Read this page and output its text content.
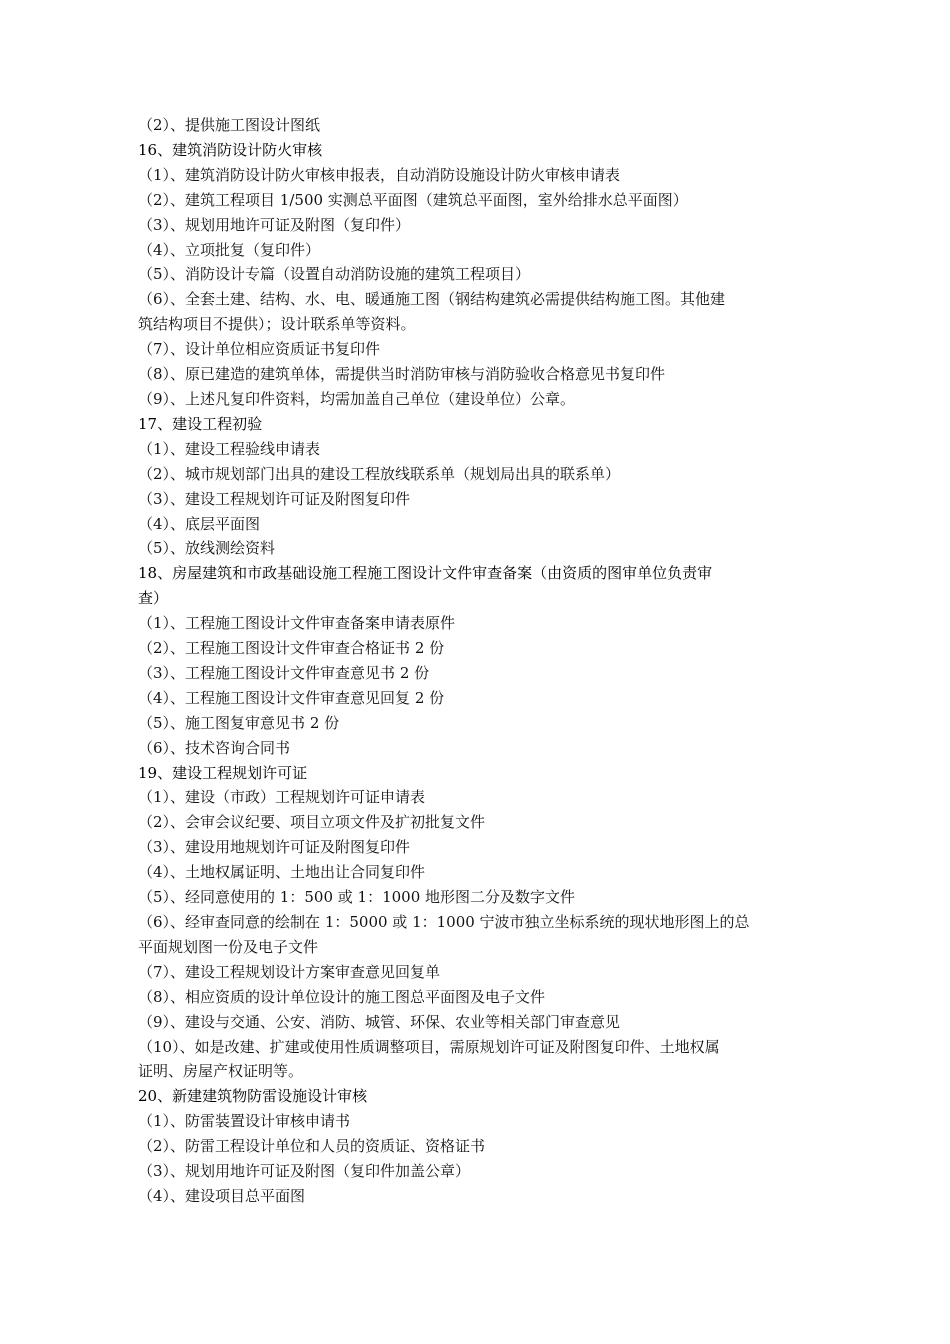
（2）、提供施工图设计图纸

16、建筑消防设计防火审核

（1）、建筑消防设计防火审核申报表，自动消防设施设计防火审核申请表

（2）、建筑工程项目 1/500 实测总平面图（建筑总平面图，室外给排水总平面图）

（3）、规划用地许可证及附图（复印件）

（4）、立项批复（复印件）

（5）、消防设计专篇（设置自动消防设施的建筑工程项目）

（6）、全套土建、结构、水、电、暖通施工图（钢结构建筑必需提供结构施工图。其他建

筑结构项目不提供）；设计联系单等资料。

（7）、设计单位相应资质证书复印件

（8）、原已建造的建筑单体，需提供当时消防审核与消防验收合格意见书复印件

（9）、上述凡复印件资料，均需加盖自己单位（建设单位）公章。

17、建设工程初验

（1）、建设工程验线申请表

（2）、城市规划部门出具的建设工程放线联系单（规划局出具的联系单）

（3）、建设工程规划许可证及附图复印件

（4）、底层平面图

（5）、放线测绘资料

18、房屋建筑和市政基础设施工程施工图设计文件审查备案（由资质的图审单位负责审

查）

（1）、工程施工图设计文件审查备案申请表原件

（2）、工程施工图设计文件审查合格证书 2 份

（3）、工程施工图设计文件审查意见书 2 份

（4）、工程施工图设计文件审查意见回复 2 份

（5）、施工图复审意见书 2 份

（6）、技术咨询合同书

19、建设工程规划许可证

（1）、建设（市政）工程规划许可证申请表

（2）、会审会议纪要、项目立项文件及扩初批复文件

（3）、建设用地规划许可证及附图复印件

（4）、土地权属证明、土地出让合同复印件

（5）、经同意使用的 1：500 或 1：1000 地形图二分及数字文件

（6）、经审查同意的绘制在 1：5000 或 1：1000 宁波市独立坐标系统的现状地形图上的总

平面规划图一份及电子文件

（7）、建设工程规划设计方案审查意见回复单

（8）、相应资质的设计单位设计的施工图总平面图及电子文件

（9）、建设与交通、公安、消防、城管、环保、农业等相关部门审查意见

（10）、如是改建、扩建或使用性质调整项目，需原规划许可证及附图复印件、土地权属

证明、房屋产权证明等。

20、新建建筑物防雷设施设计审核

（1）、防雷装置设计审核申请书

（2）、防雷工程设计单位和人员的资质证、资格证书

（3）、规划用地许可证及附图（复印件加盖公章）

（4）、建设项目总平面图
